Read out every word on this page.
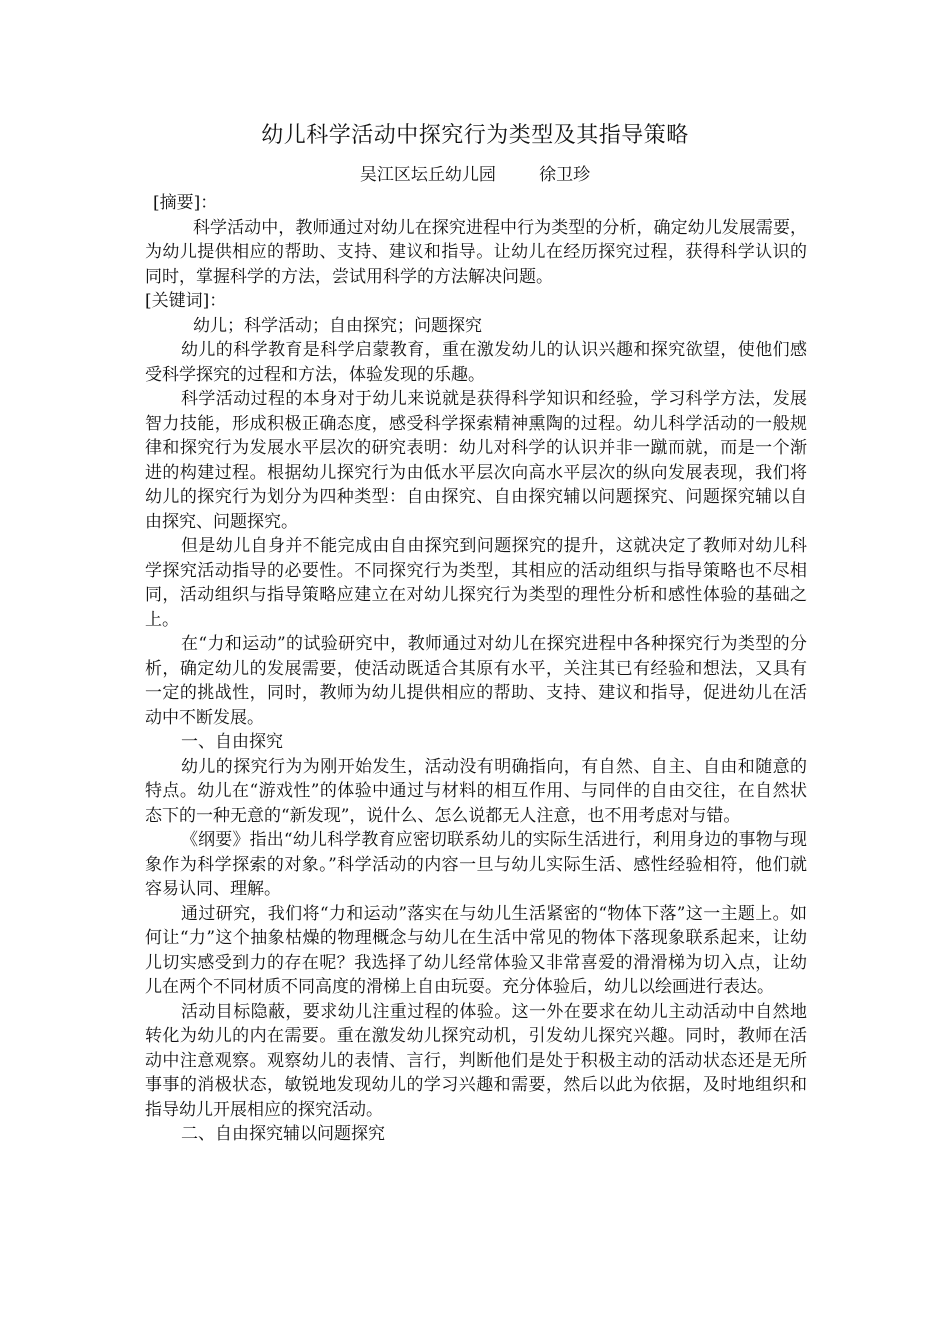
幼儿科学活动中探究行为类型及其指导策略
吴江区坛丘幼儿园        徐卫珍

[摘要]：

科学活动中，教师通过对幼儿在探究进程中行为类型的分析，确定幼儿发展需要，为幼儿提供相应的帮助、支持、建议和指导。让幼儿在经历探究过程，获得科学认识的同时，掌握科学的方法，尝试用科学的方法解决问题。

[关键词]：

幼儿；科学活动；自由探究；问题探究

幼儿的科学教育是科学启蒙教育，重在激发幼儿的认识兴趣和探究欲望，使他们感受科学探究的过程和方法，体验发现的乐趣。

科学活动过程的本身对于幼儿来说就是获得科学知识和经验，学习科学方法，发展智力技能，形成积极正确态度，感受科学探索精神熏陶的过程。幼儿科学活动的一般规律和探究行为发展水平层次的研究表明：幼儿对科学的认识并非一蹴而就，而是一个渐进的构建过程。根据幼儿探究行为由低水平层次向高水平层次的纵向发展表现，我们将幼儿的探究行为划分为四种类型：自由探究、自由探究辅以问题探究、问题探究辅以自由探究、问题探究。

但是幼儿自身并不能完成由自由探究到问题探究的提升，这就决定了教师对幼儿科学探究活动指导的必要性。不同探究行为类型，其相应的活动组织与指导策略也不尽相同，活动组织与指导策略应建立在对幼儿探究行为类型的理性分析和感性体验的基础之上。

在“力和运动”的试验研究中，教师通过对幼儿在探究进程中各种探究行为类型的分析，确定幼儿的发展需要，使活动既适合其原有水平，关注其已有经验和想法，又具有一定的挑战性，同时，教师为幼儿提供相应的帮助、支持、建议和指导，促进幼儿在活动中不断发展。

一、自由探究

幼儿的探究行为为刚开始发生，活动没有明确指向，有自然、自主、自由和随意的特点。幼儿在“游戏性”的体验中通过与材料的相互作用、与同伴的自由交往，在自然状态下的一种无意的“新发现”，说什么、怎么说都无人注意，也不用考虑对与错。

《纲要》指出“幼儿科学教育应密切联系幼儿的实际生活进行，利用身边的事物与现象作为科学探索的对象。”科学活动的内容一旦与幼儿实际生活、感性经验相符，他们就容易认同、理解。

通过研究，我们将“力和运动”落实在与幼儿生活紧密的“物体下落”这一主题上。如何让“力”这个抽象枯燥的物理概念与幼儿在生活中常见的物体下落现象联系起来，让幼儿切实感受到力的存在呢？我选择了幼儿经常体验又非常喜爱的滑滑梯为切入点，让幼儿在两个不同材质不同高度的滑梯上自由玩耍。充分体验后，幼儿以绘画进行表达。

活动目标隐蔽，要求幼儿注重过程的体验。这一外在要求在幼儿主动活动中自然地转化为幼儿的内在需要。重在激发幼儿探究动机，引发幼儿探究兴趣。同时，教师在活动中注意观察。观察幼儿的表情、言行，判断他们是处于积极主动的活动状态还是无所事事的消极状态，敏锐地发现幼儿的学习兴趣和需要，然后以此为依据，及时地组织和指导幼儿开展相应的探究活动。

二、自由探究辅以问题探究
